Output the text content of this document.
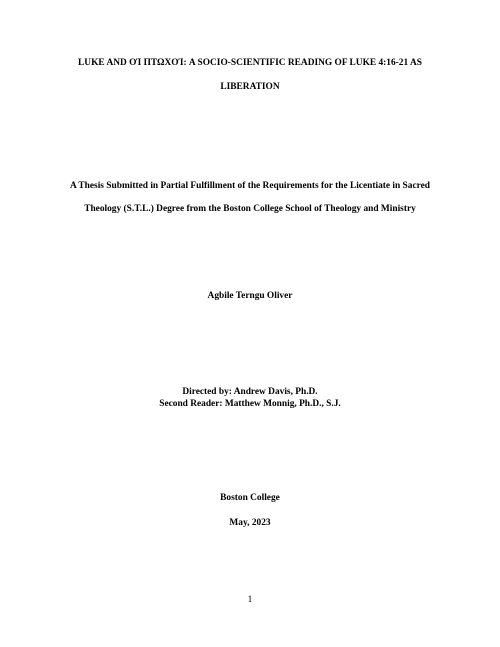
LUKE AND OΊ ΠΤΩΧΟΊ: A SOCIO-SCIENTIFIC READING OF LUKE 4:16-21 AS
LIBERATION
A Thesis Submitted in Partial Fulfillment of the Requirements for the Licentiate in Sacred
Theology (S.T.L.) Degree from the Boston College School of Theology and Ministry
Agbile Terngu Oliver
Directed by: Andrew Davis, Ph.D.
Second Reader: Matthew Monnig, Ph.D., S.J.
Boston College
May, 2023
1
